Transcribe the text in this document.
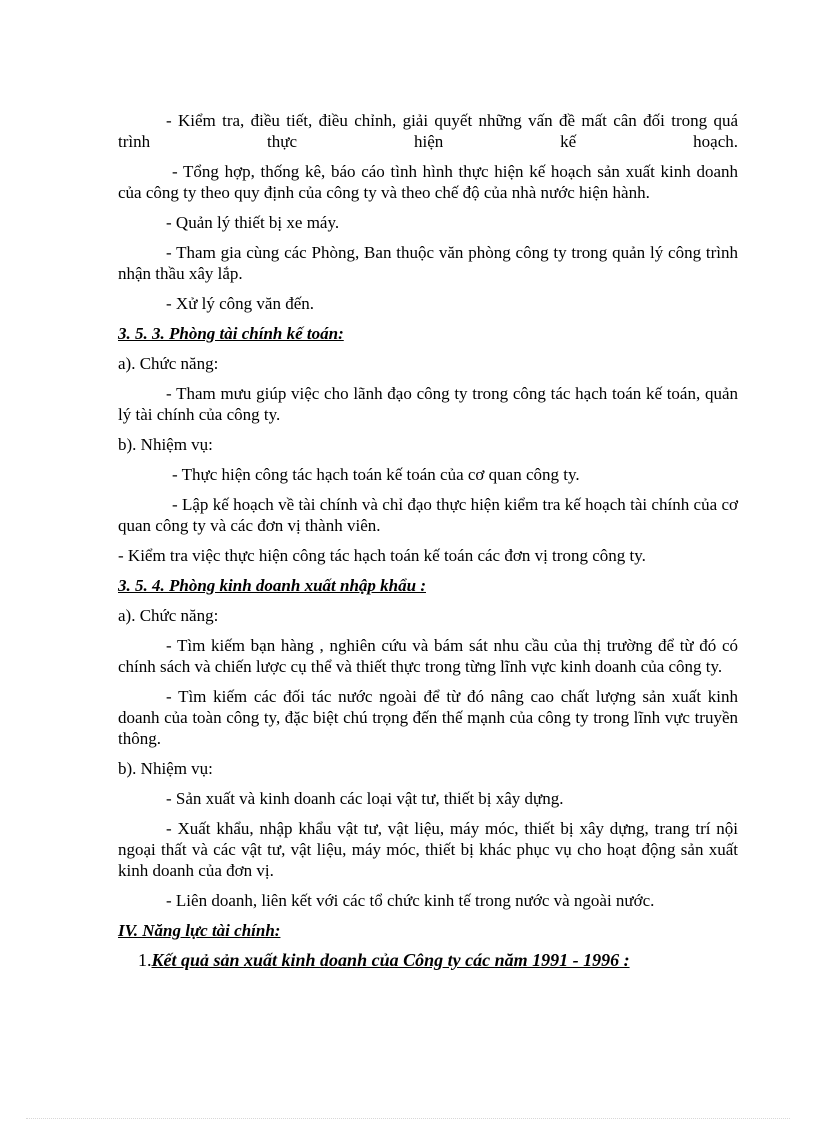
- Kiểm tra, điều tiết, điều chỉnh, giải quyết những vấn đề mất cân đối trong quá trình thực hiện kế hoạch.

- Tổng hợp, thống kê, báo cáo tình hình thực hiện kế hoạch sản xuất kinh doanh của công ty theo quy định của công ty và theo chế độ của nhà nước hiện hành.

- Quản lý thiết bị xe máy.

- Tham gia cùng các Phòng, Ban thuộc văn phòng công ty trong quản lý công trình nhận thầu xây lắp.

- Xử lý công văn đến.

3. 5. 3. Phòng tài chính kế toán:

a). Chức năng:

- Tham mưu giúp việc cho lãnh đạo công ty trong công tác hạch toán kế toán, quản lý tài chính của công ty.

b). Nhiệm vụ:

- Thực hiện công tác hạch toán kế toán của cơ quan công ty.

- Lập kế hoạch về tài chính và chỉ đạo thực hiện kiểm tra kế hoạch tài chính của cơ quan công ty và các đơn vị thành viên.

- Kiểm tra việc thực hiện công tác hạch toán kế toán các đơn vị trong công ty.

3. 5. 4. Phòng kinh doanh xuất nhập khẩu :

a). Chức năng:

- Tìm kiếm bạn hàng , nghiên cứu và bám sát nhu cầu của thị trường để từ đó có chính sách và chiến lược cụ thể và thiết thực trong từng lĩnh vực kinh doanh của công ty.

- Tìm kiếm các đối tác nước ngoài để từ đó nâng cao chất lượng sản xuất kinh doanh của toàn công ty, đặc biệt chú trọng đến thế mạnh của công ty trong lĩnh vực truyền thông.

b). Nhiệm vụ:

- Sản xuất và kinh doanh các loại vật tư, thiết bị xây dựng.

- Xuất khẩu, nhập khẩu vật tư, vật liệu, máy móc, thiết bị xây dựng, trang trí nội ngoại thất và các vật tư, vật liệu, máy móc, thiết bị khác phục vụ cho hoạt động sản xuất kinh doanh của đơn vị.

- Liên doanh, liên kết với các tổ chức kinh tế trong nước và ngoài nước.

IV. Năng lực tài chính:
1.Kết quả sản xuất kinh doanh của Công ty các năm 1991 - 1996 :
